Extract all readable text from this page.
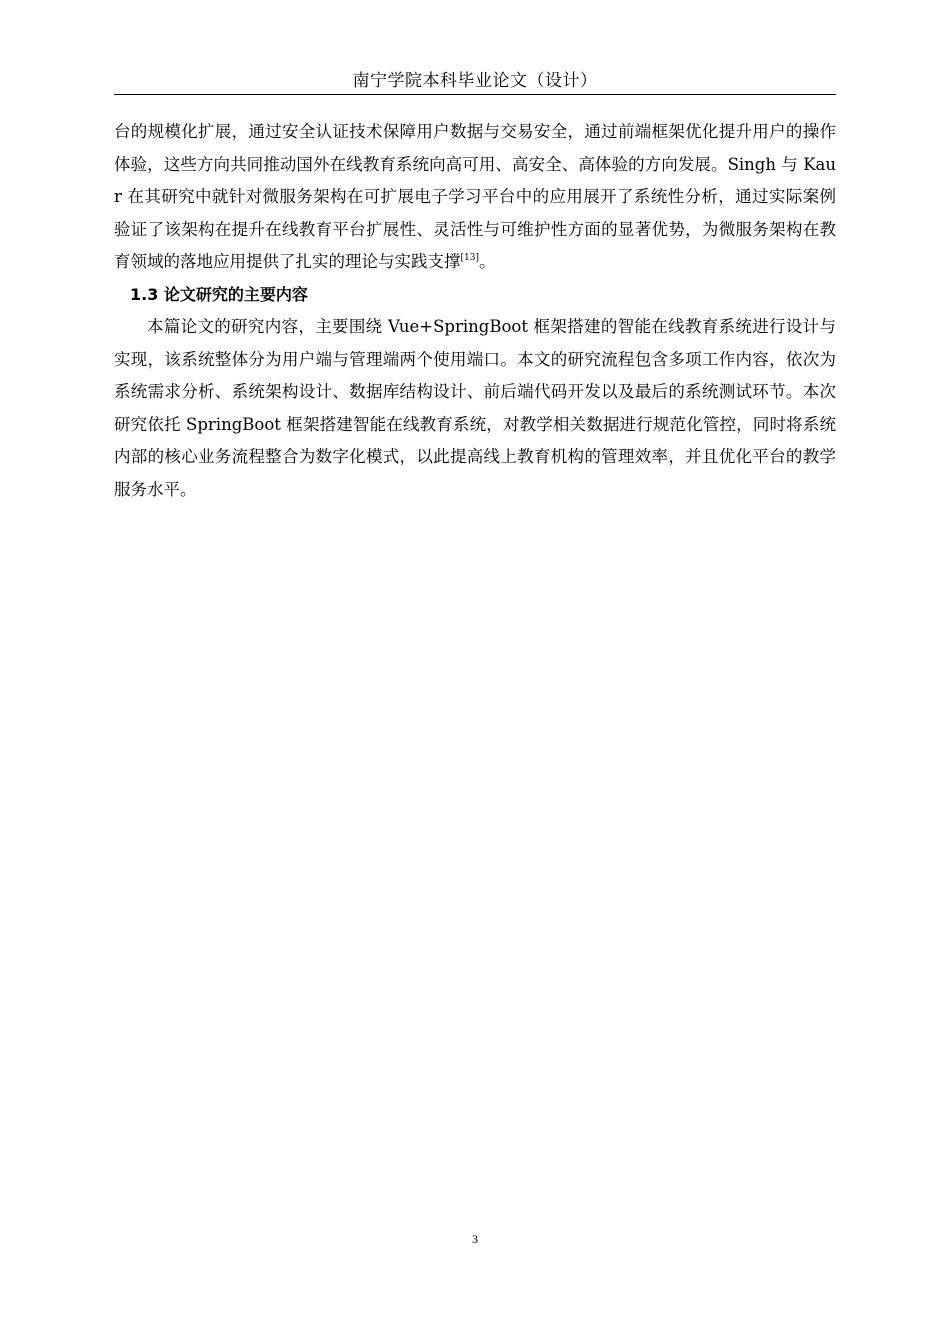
南宁学院本科毕业论文（设计）

台的规模化扩展，通过安全认证技术保障用户数据与交易安全，通过前端框架优化提升用户的操作体验，这些方向共同推动国外在线教育系统向高可用、高安全、高体验的方向发展。Singh 与 Kaur 在其研究中就针对微服务架构在可扩展电子学习平台中的应用展开了系统性分析，通过实际案例验证了该架构在提升在线教育平台扩展性、灵活性与可维护性方面的显著优势，为微服务架构在教育领域的落地应用提供了扎实的理论与实践支撑[13]。

1.3 论文研究的主要内容

本篇论文的研究内容，主要围绕 Vue+SpringBoot 框架搭建的智能在线教育系统进行设计与实现，该系统整体分为用户端与管理端两个使用端口。本文的研究流程包含多项工作内容，依次为系统需求分析、系统架构设计、数据库结构设计、前后端代码开发以及最后的系统测试环节。本次研究依托 SpringBoot 框架搭建智能在线教育系统，对教学相关数据进行规范化管控，同时将系统内部的核心业务流程整合为数字化模式，以此提高线上教育机构的管理效率，并且优化平台的教学服务水平。

3
